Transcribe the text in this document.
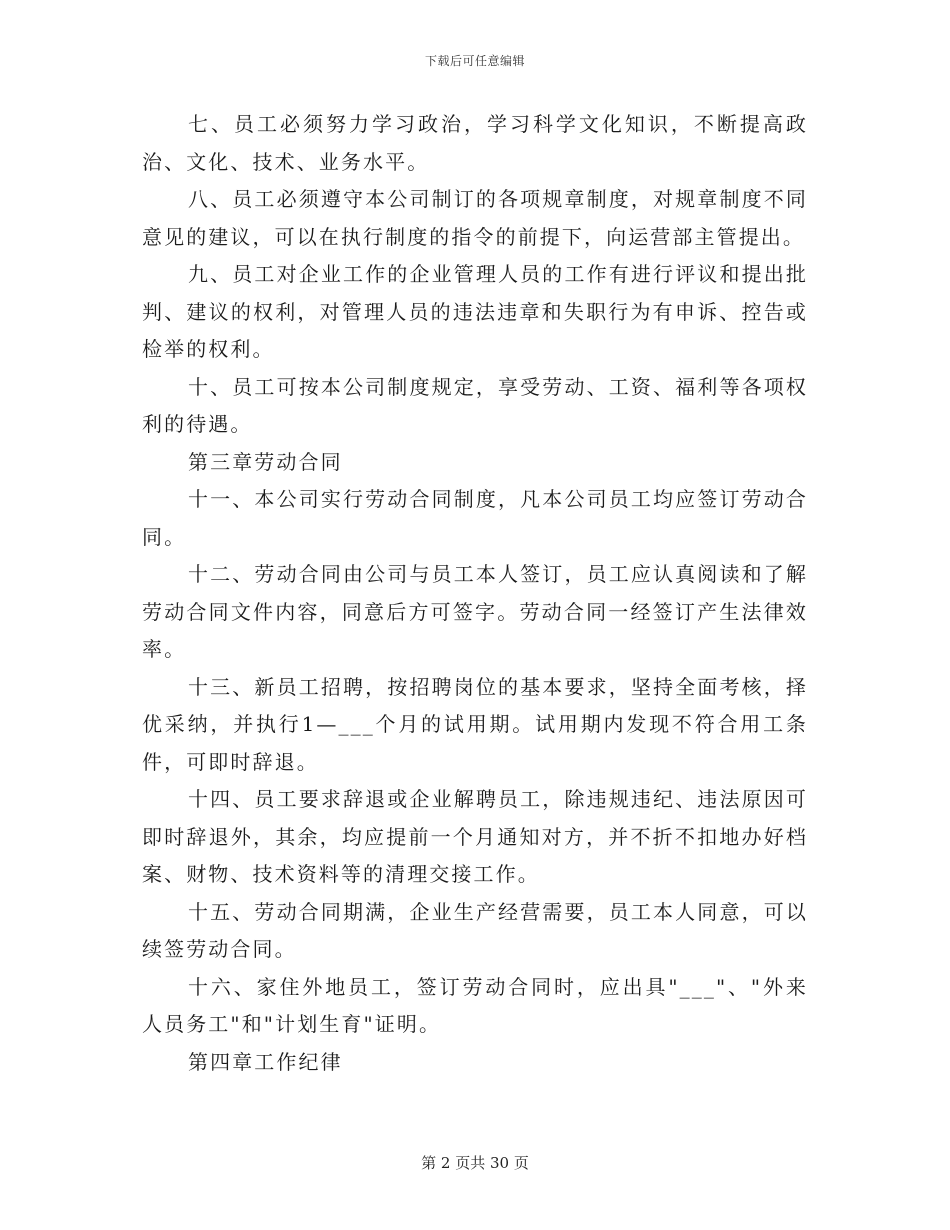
下载后可任意编辑

七、员工必须努力学习政治，学习科学文化知识，不断提高政治、文化、技术、业务水平。

八、员工必须遵守本公司制订的各项规章制度，对规章制度不同意见的建议，可以在执行制度的指令的前提下，向运营部主管提出。

九、员工对企业工作的企业管理人员的工作有进行评议和提出批判、建议的权利，对管理人员的违法违章和失职行为有申诉、控告或检举的权利。

十、员工可按本公司制度规定，享受劳动、工资、福利等各项权利的待遇。

第三章劳动合同

十一、本公司实行劳动合同制度，凡本公司员工均应签订劳动合同。

十二、劳动合同由公司与员工本人签订，员工应认真阅读和了解劳动合同文件内容，同意后方可签字。劳动合同一经签订产生法律效率。

十三、新员工招聘，按招聘岗位的基本要求，坚持全面考核，择优采纳，并执行1—___个月的试用期。试用期内发现不符合用工条件，可即时辞退。

十四、员工要求辞退或企业解聘员工，除违规违纪、违法原因可即时辞退外，其余，均应提前一个月通知对方，并不折不扣地办好档案、财物、技术资料等的清理交接工作。

十五、劳动合同期满，企业生产经营需要，员工本人同意，可以续签劳动合同。

十六、家住外地员工，签订劳动合同时，应出具"___"、"外来人员务工"和"计划生育"证明。

第四章工作纪律

第 2 页共 30 页
